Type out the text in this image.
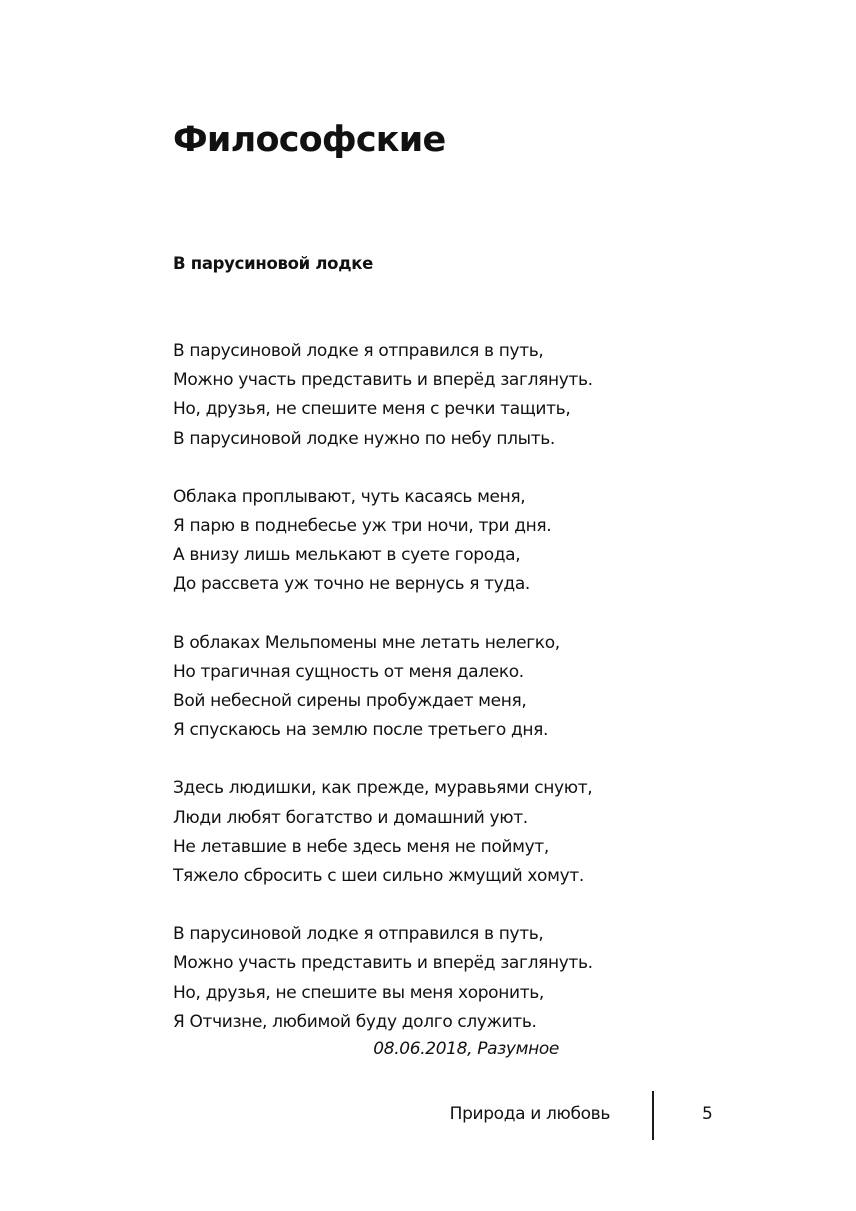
Философские
В парусиновой лодке
В парусиновой лодке я отправился в путь,
Можно участь представить и вперёд заглянуть.
Но, друзья, не спешите меня с речки тащить,
В парусиновой лодке нужно по небу плыть.
Облака проплывают, чуть касаясь меня,
Я парю в поднебесье уж три ночи, три дня.
А внизу лишь мелькают в суете города,
До рассвета уж точно не вернусь я туда.
В облаках Мельпомены мне летать нелегко,
Но трагичная сущность от меня далеко.
Вой небесной сирены пробуждает меня,
Я спускаюсь на землю после третьего дня.
Здесь людишки, как прежде, муравьями снуют,
Люди любят богатство и домашний уют.
Не летавшие в небе здесь меня не поймут,
Тяжело сбросить с шеи сильно жмущий хомут.
В парусиновой лодке я отправился в путь,
Можно участь представить и вперёд заглянуть.
Но, друзья, не спешите вы меня хоронить,
Я Отчизне, любимой буду долго служить.
08.06.2018, Разумное
Природа и любовь	5
